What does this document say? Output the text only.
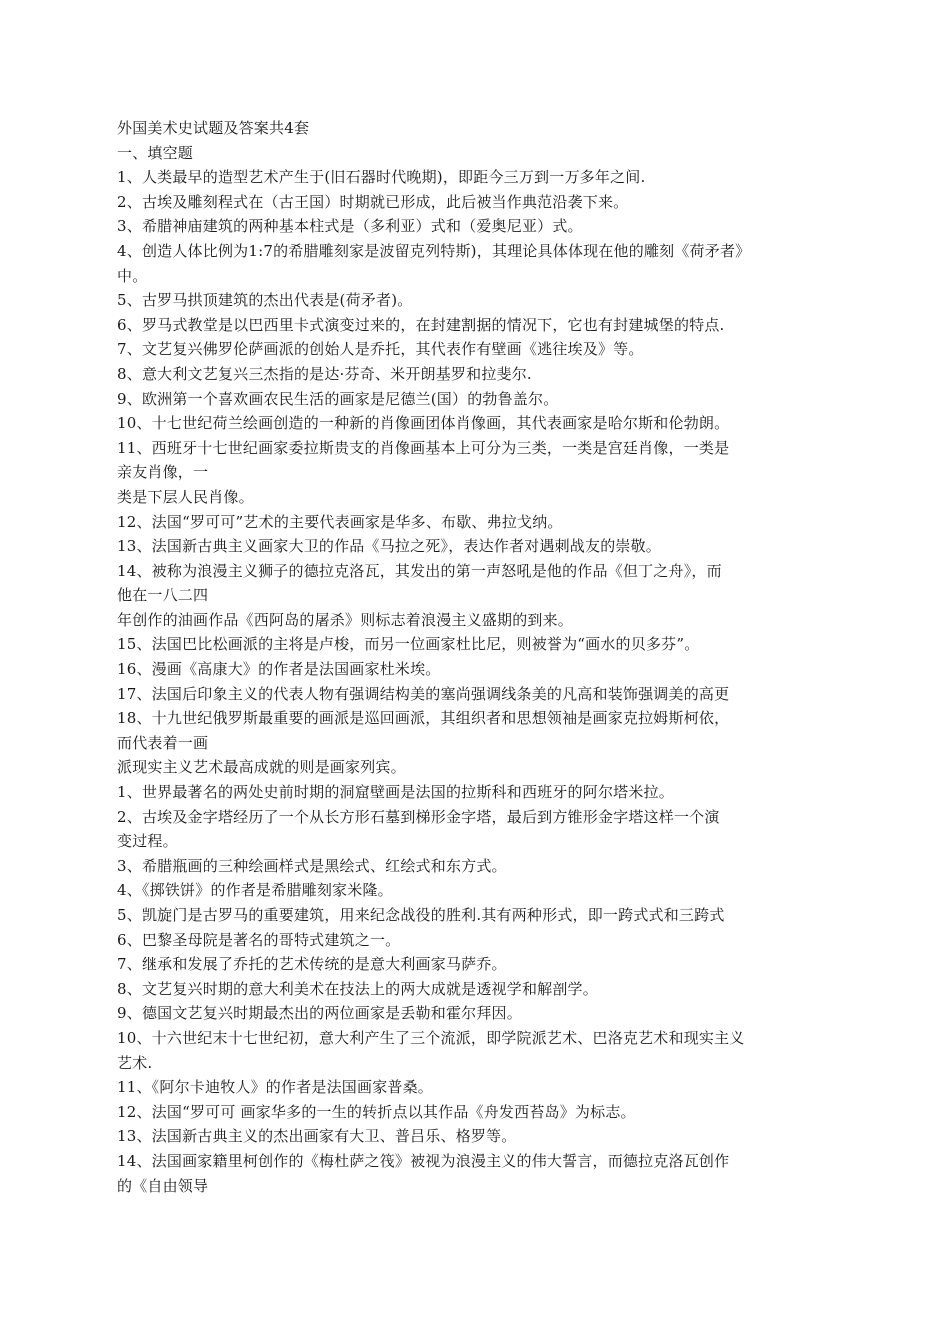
外国美术史试题及答案共4套
一、填空题
1、人类最早的造型艺术产生于(旧石器时代晚期)，即距今三万到一万多年之间.
2、古埃及雕刻程式在（古王国）时期就已形成，此后被当作典范沿袭下来。
3、希腊神庙建筑的两种基本柱式是（多利亚）式和（爱奥尼亚）式。
4、创造人体比例为1:7的希腊雕刻家是波留克列特斯)，其理论具体体现在他的雕刻《荷矛者》
中。
5、古罗马拱顶建筑的杰出代表是(荷矛者)。
6、罗马式教堂是以巴西里卡式演变过来的，在封建割据的情况下，它也有封建城堡的特点.
7、文艺复兴佛罗伦萨画派的创始人是乔托，其代表作有壁画《逃往埃及》等。
8、意大利文艺复兴三杰指的是达·芬奇、米开朗基罗和拉斐尔.
9、欧洲第一个喜欢画农民生活的画家是尼德兰(国）的勃鲁盖尔。
10、十七世纪荷兰绘画创造的一种新的肖像画团体肖像画，其代表画家是哈尔斯和伦勃朗。
11、西班牙十七世纪画家委拉斯贵支的肖像画基本上可分为三类，一类是宫廷肖像，一类是
亲友肖像，一
类是下层人民肖像。
12、法国“罗可可”艺术的主要代表画家是华多、布歇、弗拉戈纳。
13、法国新古典主义画家大卫的作品《马拉之死》，表达作者对遇刺战友的崇敬。
14、被称为浪漫主义狮子的德拉克洛瓦，其发出的第一声怒吼是他的作品《但丁之舟》，而
他在一八二四
年创作的油画作品《西阿岛的屠杀》则标志着浪漫主义盛期的到来。
15、法国巴比松画派的主将是卢梭，而另一位画家杜比尼，则被誉为“画水的贝多芬”。
16、漫画《高康大》的作者是法国画家杜米埃。
17、法国后印象主义的代表人物有强调结构美的塞尚强调线条美的凡高和装饰强调美的高更
18、十九世纪俄罗斯最重要的画派是巡回画派，其组织者和思想领袖是画家克拉姆斯柯依，
而代表着一画
派现实主义艺术最高成就的则是画家列宾。
1、世界最著名的两处史前时期的洞窟壁画是法国的拉斯科和西班牙的阿尔塔米拉。
2、古埃及金字塔经历了一个从长方形石墓到梯形金字塔，最后到方锥形金字塔这样一个演
变过程。
3、希腊瓶画的三种绘画样式是黑绘式、红绘式和东方式。
4、《掷铁饼》的作者是希腊雕刻家米隆。
5、凯旋门是古罗马的重要建筑，用来纪念战役的胜利.其有两种形式，即一跨式式和三跨式
6、巴黎圣母院是著名的哥特式建筑之一。
7、继承和发展了乔托的艺术传统的是意大利画家马萨乔。
8、文艺复兴时期的意大利美术在技法上的两大成就是透视学和解剖学。
9、德国文艺复兴时期最杰出的两位画家是丢勒和霍尔拜因。
10、十六世纪末十七世纪初，意大利产生了三个流派，即学院派艺术、巴洛克艺术和现实主义
艺术.
11、《阿尔卡迪牧人》的作者是法国画家普桑。
12、法国“罗可可 画家华多的一生的转折点以其作品《舟发西苔岛》为标志。
13、法国新古典主义的杰出画家有大卫、普吕乐、格罗等。
14、法国画家籍里柯创作的《梅杜萨之筏》被视为浪漫主义的伟大誓言，而德拉克洛瓦创作
的《自由领导
